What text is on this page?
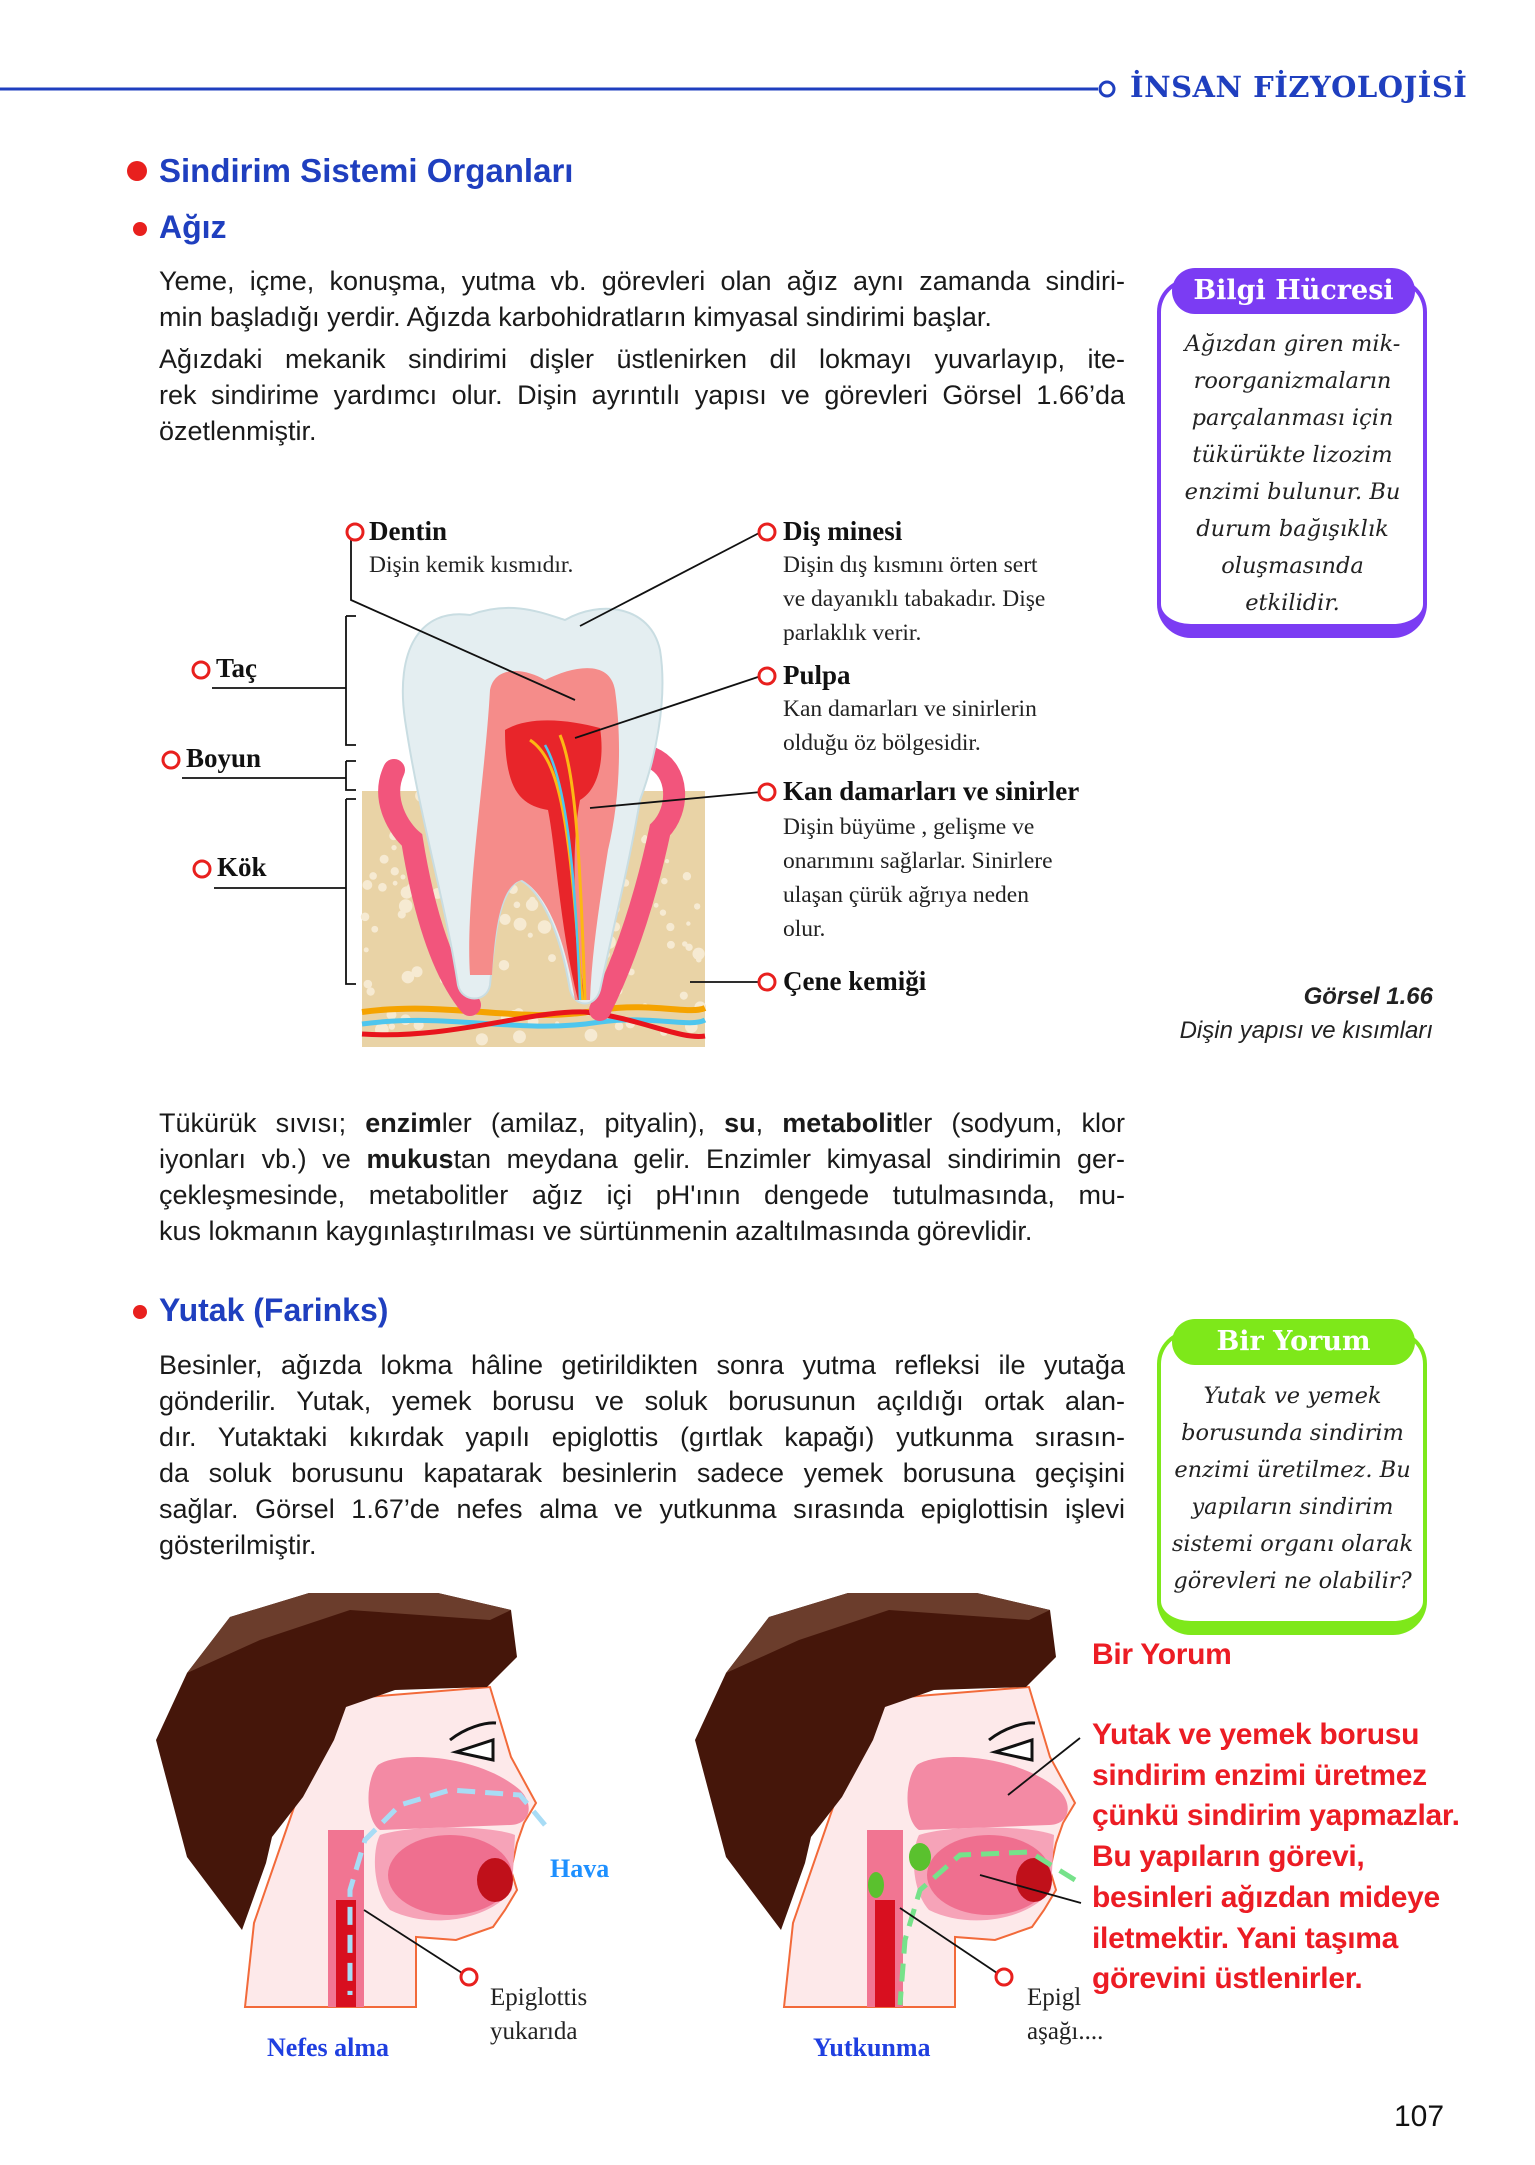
İNSAN FİZYOLOJİSİ
Sindirim Sistemi Organları
Ağız
Yeme, içme, konuşma, yutma vb. görevleri olan ağız aynı zamanda sindiri-
min başladığı yerdir. Ağızda karbohidratların kimyasal sindirimi başlar.
Ağızdaki mekanik sindirimi dişler üstlenirken dil lokmayı yuvarlayıp, ite-
rek sindirime yardımcı olur. Dişin ayrıntılı yapısı ve görevleri Görsel 1.66’da
özetlenmiştir.
Dentin
Dişin kemik kısmıdır.
Diş minesi
Dişin dış kısmını örten sert
ve dayanıklı tabakadır. Dişe
parlaklık verir.
Pulpa
Kan damarları ve sinirlerin
olduğu öz bölgesidir.
Kan damarları ve sinirler
Dişin büyüme , gelişme ve
onarımını sağlarlar. Sinirlere
ulaşan çürük ağrıya neden
olur.
Çene kemiği
Taç
Boyun
Kök
Görsel 1.66
Dişin yapısı ve kısımları
Bilgi Hücresi
Ağızdan giren mik-
roorganizmaların
parçalanması için
tükürükte lizozim
enzimi bulunur. Bu
durum bağışıklık
oluşmasında
etkilidir.
Tükürük sıvısı; enzimler (amilaz, pityalin), su, metabolitler (sodyum, klor
iyonları vb.) ve mukustan meydana gelir. Enzimler kimyasal sindirimin ger-
çekleşmesinde, metabolitler ağız içi pH'ının dengede tutulmasında, mu-
kus lokmanın kaygınlaştırılması ve sürtünmenin azaltılmasında görevlidir.
Yutak (Farinks)
Bir Yorum
Yutak ve yemek
borusunda sindirim
enzimi üretilmez. Bu
yapıların sindirim
sistemi organı olarak
görevleri ne olabilir?
Besinler, ağızda lokma hâline getirildikten sonra yutma refleksi ile yutağa
gönderilir. Yutak, yemek borusu ve soluk borusunun açıldığı ortak alan-
dır. Yutaktaki kıkırdak yapılı epiglottis (gırtlak kapağı) yutkunma sırasın-
da soluk borusunu kapatarak besinlerin sadece yemek borusuna geçişini
sağlar. Görsel 1.67’de nefes alma ve yutkunma sırasında epiglottisin işlevi
gösterilmiştir.
Bir Yorum
Yutak ve yemek borusu
sindirim enzimi üretmez
çünkü sindirim yapmazlar.
Bu yapıların görevi,
besinleri ağızdan mideye
iletmektir. Yani taşıma
görevini üstlenirler.
Hava
Epiglottis
yukarıda
Nefes alma
Epigl
aşağı....
Yutkunma
107
